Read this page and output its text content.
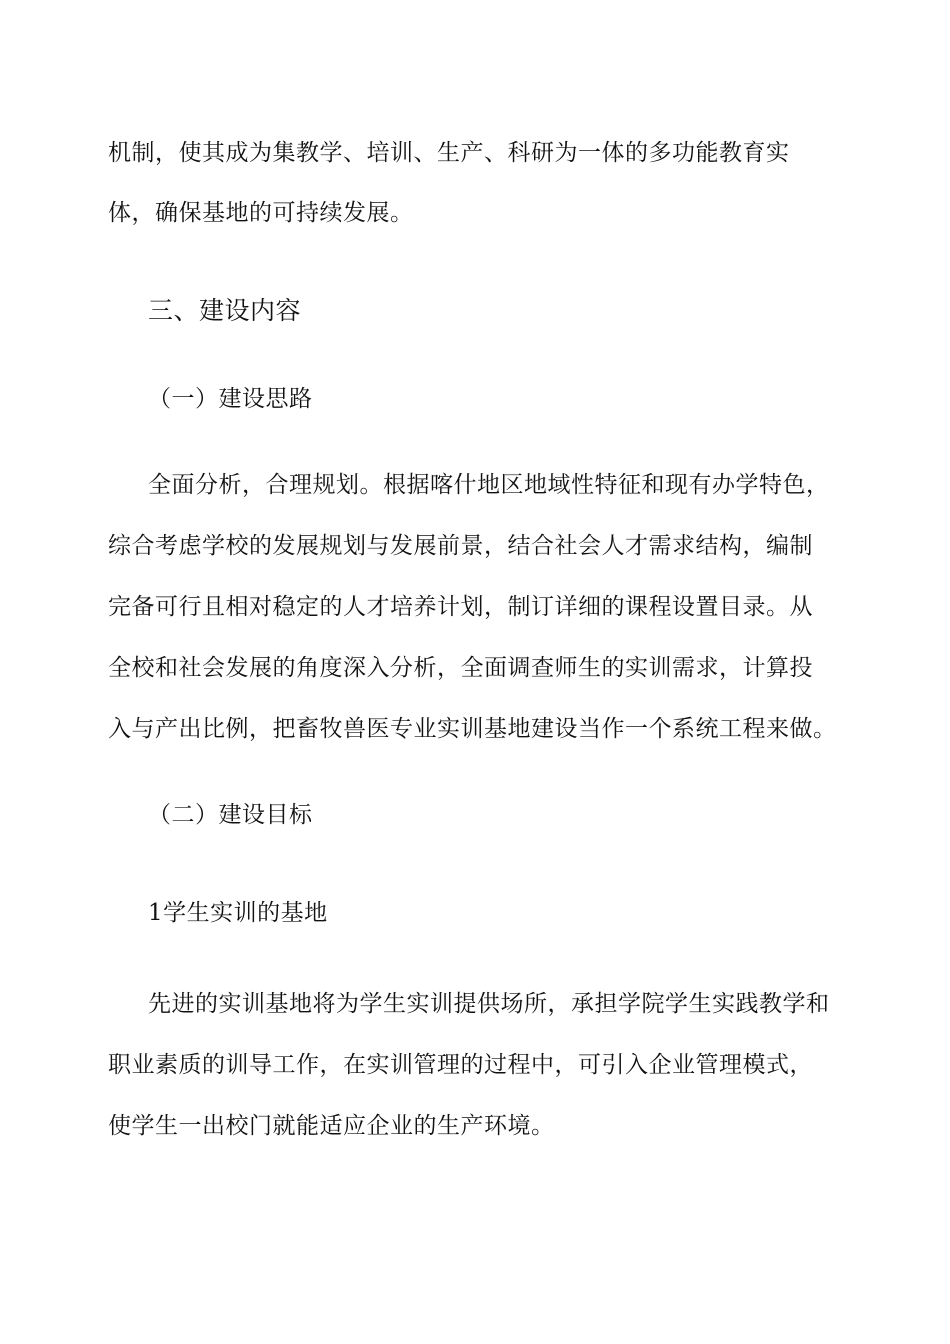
机制，使其成为集教学、培训、生产、科研为一体的多功能教育实
体，确保基地的可持续发展。
三、建设内容
（一）建设思路
全面分析，合理规划。根据喀什地区地域性特征和现有办学特色，
综合考虑学校的发展规划与发展前景，结合社会人才需求结构，编制
完备可行且相对稳定的人才培养计划，制订详细的课程设置目录。从
全校和社会发展的角度深入分析，全面调查师生的实训需求，计算投
入与产出比例，把畜牧兽医专业实训基地建设当作一个系统工程来做。
（二）建设目标
1学生实训的基地
先进的实训基地将为学生实训提供场所，承担学院学生实践教学和
职业素质的训导工作，在实训管理的过程中，可引入企业管理模式，
使学生一出校门就能适应企业的生产环境。
